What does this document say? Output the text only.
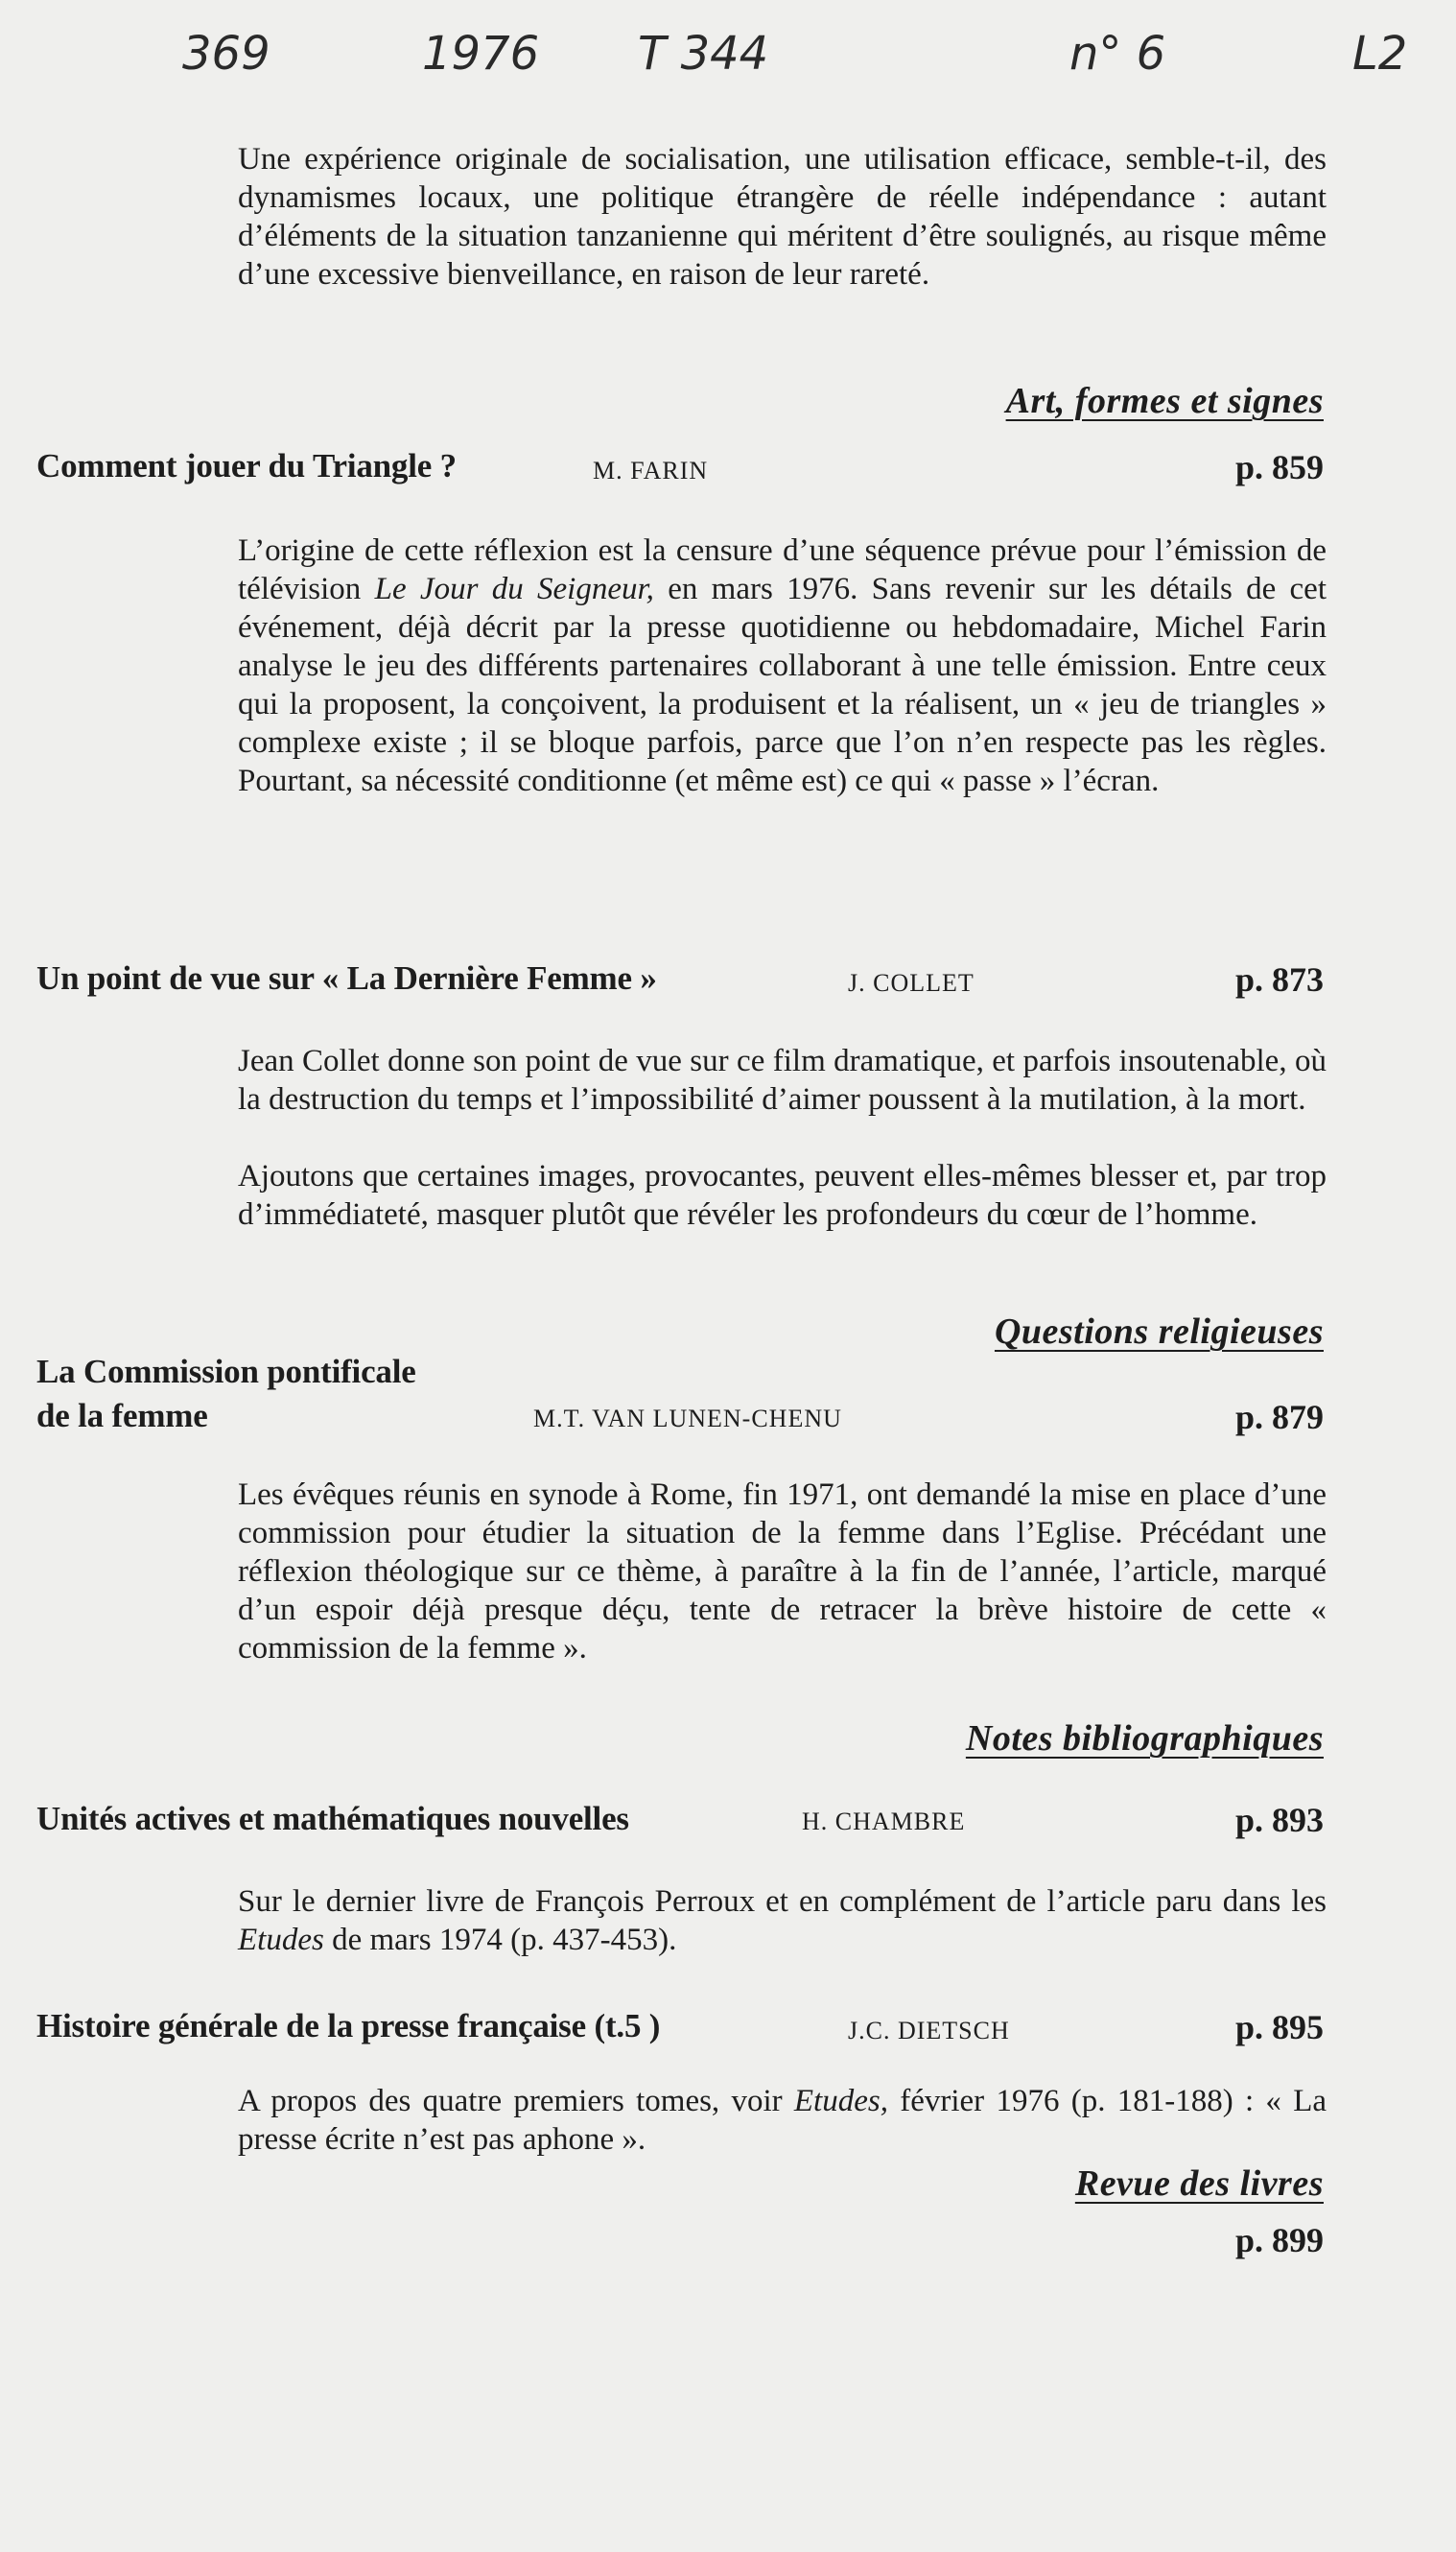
369	1976 T 344	n° 6	L2

Une expérience originale de socialisation, une utilisation efficace, semble-t-il, des dynamismes locaux, une politique étrangère de réelle indépendance : autant d’éléments de la situation tanzanienne qui méritent d’être soulignés, au risque même d’une excessive bienveillance, en raison de leur rareté.

Art, formes et signes
Comment jouer du Triangle ?	M. FARIN	p. 859

L’origine de cette réflexion est la censure d’une séquence prévue pour l’émission de télévision Le Jour du Seigneur, en mars 1976. Sans revenir sur les détails de cet événement, déjà décrit par la presse quotidienne ou hebdomadaire, Michel Farin analyse le jeu des différents partenaires collaborant à une telle émission. Entre ceux qui la proposent, la conçoivent, la produisent et la réalisent, un « jeu de triangles » complexe existe ; il se bloque parfois, parce que l’on n’en respecte pas les règles. Pourtant, sa nécessité conditionne (et même est) ce qui « passe » l’écran.

Un point de vue sur « La Dernière Femme »	J. COLLET	p. 873

Jean Collet donne son point de vue sur ce film dramatique, et parfois insoutenable, où la destruction du temps et l’impossibilité d’aimer poussent à la mutilation, à la mort.

Ajoutons que certaines images, provocantes, peuvent elles-mêmes blesser et, par trop d’immédiateté, masquer plutôt que révéler les profondeurs du cœur de l’homme.

Questions religieuses
La Commission pontificale
de la femme	M.T. VAN LUNEN-CHENU	p. 879

Les évêques réunis en synode à Rome, fin 1971, ont demandé la mise en place d’une commission pour étudier la situation de la femme dans l’Eglise. Précédant une réflexion théologique sur ce thème, à paraître à la fin de l’année, l’article, marqué d’un espoir déjà presque déçu, tente de retracer la brève histoire de cette « commission de la femme ».

Notes bibliographiques
Unités actives et mathématiques nouvelles	H. CHAMBRE	p. 893

Sur le dernier livre de François Perroux et en complément de l’article paru dans les Etudes de mars 1974 (p. 437-453).

Histoire générale de la presse française (t.5 )	J.C. DIETSCH	p. 895

A propos des quatre premiers tomes, voir Etudes, février 1976 (p. 181-188) : « La presse écrite n’est pas aphone ».

Revue des livres
p. 899
